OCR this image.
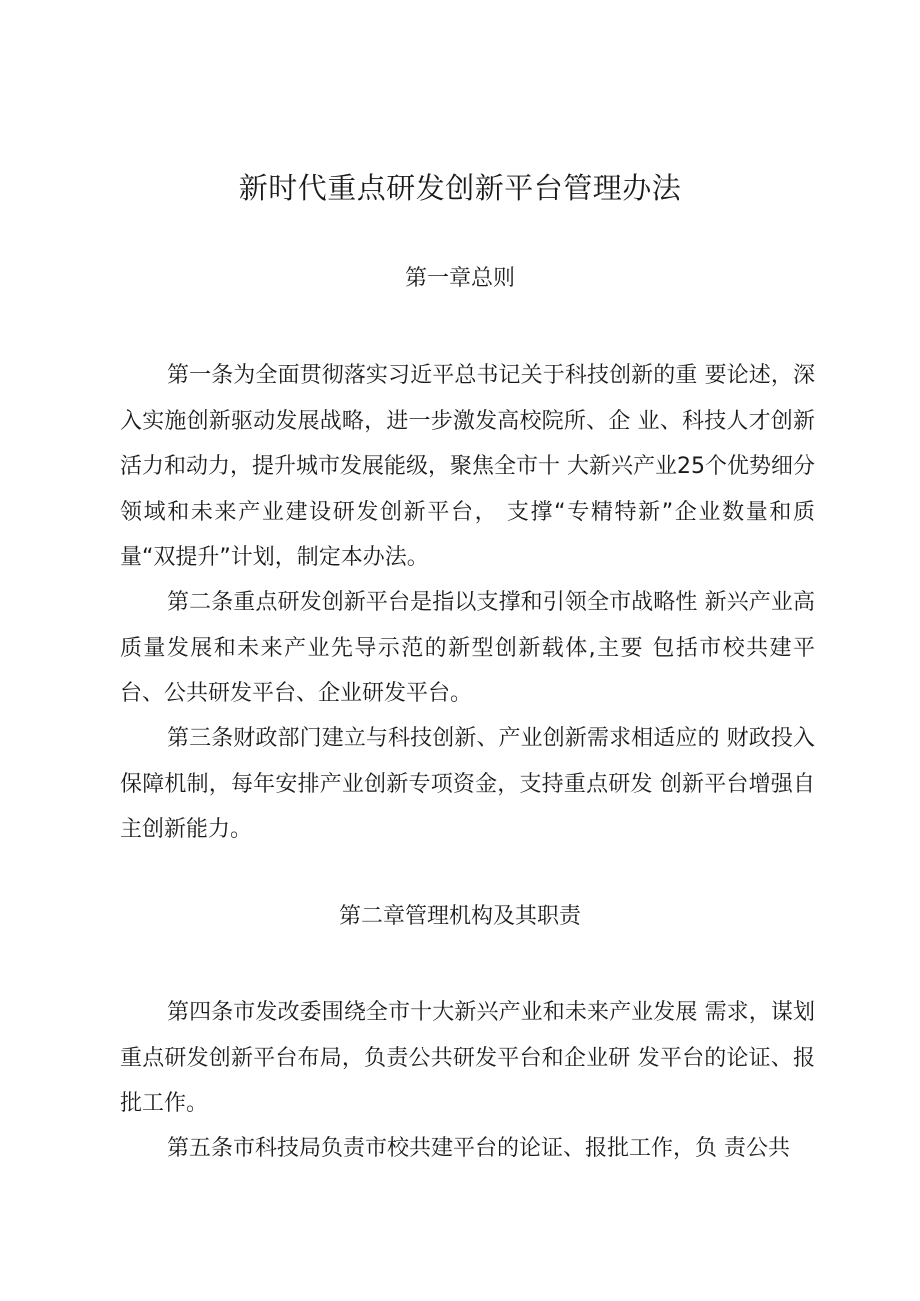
新时代重点研发创新平台管理办法
第一章总则

第一条为全面贯彻落实习近平总书记关于科技创新的重 要论述，深入实施创新驱动发展战略，进一步激发高校院所、企 业、科技人才创新活力和动力，提升城市发展能级，聚焦全市十 大新兴产业25个优势细分领域和未来产业建设研发创新平台， 支撑“专精特新”企业数量和质量“双提升”计划，制定本办法。

第二条重点研发创新平台是指以支撑和引领全市战略性 新兴产业高质量发展和未来产业先导示范的新型创新载体,主要 包括市校共建平台、公共研发平台、企业研发平台。

第三条财政部门建立与科技创新、产业创新需求相适应的 财政投入保障机制，每年安排产业创新专项资金，支持重点研发 创新平台增强自主创新能力。

第二章管理机构及其职责

第四条市发改委围绕全市十大新兴产业和未来产业发展 需求，谋划重点研发创新平台布局，负责公共研发平台和企业研 发平台的论证、报批工作。

第五条市科技局负责市校共建平台的论证、报批工作，负 责公共
